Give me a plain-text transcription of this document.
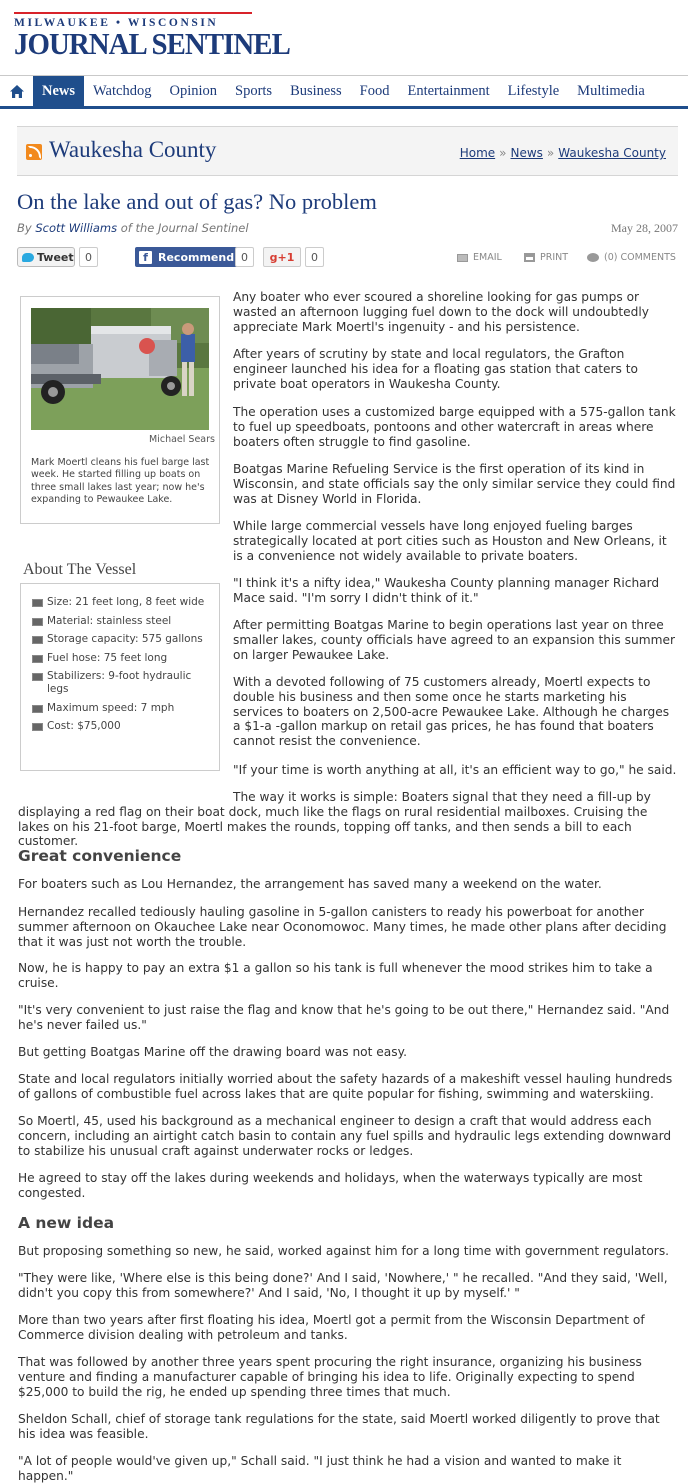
MILWAUKEE • WISCONSIN
JOURNAL SENTINEL
News	Watchdog	Opinion	Sports	Business	Food	Entertainment	Lifestyle	Multimedia
Waukesha County	Home » News » Waukesha County
On the lake and out of gas? No problem
By Scott Williams of the Journal Sentinel	May 28, 2007
Tweet	0	f Recommend 0	g+1	0	EMAIL	PRINT	(0) COMMENTS
Michael Sears
Mark Moertl cleans his fuel barge last week. He started filling up boats on three small lakes last year; now he's expanding to Pewaukee Lake.
About The Vessel
Size: 21 feet long, 8 feet wide
Material: stainless steel
Storage capacity: 575 gallons
Fuel hose: 75 feet long
Stabilizers: 9-foot hydraulic legs
Maximum speed: 7 mph
Cost: $75,000

Any boater who ever scoured a shoreline looking for gas pumps or wasted an afternoon lugging fuel down to the dock will undoubtedly appreciate Mark Moertl's ingenuity - and his persistence.

After years of scrutiny by state and local regulators, the Grafton engineer launched his idea for a floating gas station that caters to private boat operators in Waukesha County.

The operation uses a customized barge equipped with a 575-gallon tank to fuel up speedboats, pontoons and other watercraft in areas where boaters often struggle to find gasoline.

Boatgas Marine Refueling Service is the first operation of its kind in Wisconsin, and state officials say the only similar service they could find was at Disney World in Florida.

While large commercial vessels have long enjoyed fueling barges strategically located at port cities such as Houston and New Orleans, it is a convenience not widely available to private boaters.

"I think it's a nifty idea," Waukesha County planning manager Richard Mace said. "I'm sorry I didn't think of it."

After permitting Boatgas Marine to begin operations last year on three smaller lakes, county officials have agreed to an expansion this summer on larger Pewaukee Lake.

With a devoted following of 75 customers already, Moertl expects to double his business and then some once he starts marketing his services to boaters on 2,500-acre Pewaukee Lake. Although he charges a $1-a -gallon markup on retail gas prices, he has found that boaters cannot resist the convenience.

"If your time is worth anything at all, it's an efficient way to go," he said.

The way it works is simple: Boaters signal that they need a fill-up by displaying a red flag on their boat dock, much like the flags on rural residential mailboxes. Cruising the lakes on his 21-foot barge, Moertl makes the rounds, topping off tanks, and then sends a bill to each customer.

Great convenience

For boaters such as Lou Hernandez, the arrangement has saved many a weekend on the water.

Hernandez recalled tediously hauling gasoline in 5-gallon canisters to ready his powerboat for another summer afternoon on Okauchee Lake near Oconomowoc. Many times, he made other plans after deciding that it was just not worth the trouble.

Now, he is happy to pay an extra $1 a gallon so his tank is full whenever the mood strikes him to take a cruise.

"It's very convenient to just raise the flag and know that he's going to be out there," Hernandez said. "And he's never failed us."

But getting Boatgas Marine off the drawing board was not easy.

State and local regulators initially worried about the safety hazards of a makeshift vessel hauling hundreds of gallons of combustible fuel across lakes that are quite popular for fishing, swimming and waterskiing.

So Moertl, 45, used his background as a mechanical engineer to design a craft that would address each concern, including an airtight catch basin to contain any fuel spills and hydraulic legs extending downward to stabilize his unusual craft against underwater rocks or ledges.

He agreed to stay off the lakes during weekends and holidays, when the waterways typically are most congested.

A new idea

But proposing something so new, he said, worked against him for a long time with government regulators.

"They were like, 'Where else is this being done?' And I said, 'Nowhere,' " he recalled. "And they said, 'Well, didn't you copy this from somewhere?' And I said, 'No, I thought it up by myself.' "

More than two years after first floating his idea, Moertl got a permit from the Wisconsin Department of Commerce division dealing with petroleum and tanks.

That was followed by another three years spent procuring the right insurance, organizing his business venture and finding a manufacturer capable of bringing his idea to life. Originally expecting to spend $25,000 to build the rig, he ended up spending three times that much.

Sheldon Schall, chief of storage tank regulations for the state, said Moertl worked diligently to prove that his idea was feasible.

"A lot of people would've given up," Schall said. "I just think he had a vision and wanted to make it happen."
